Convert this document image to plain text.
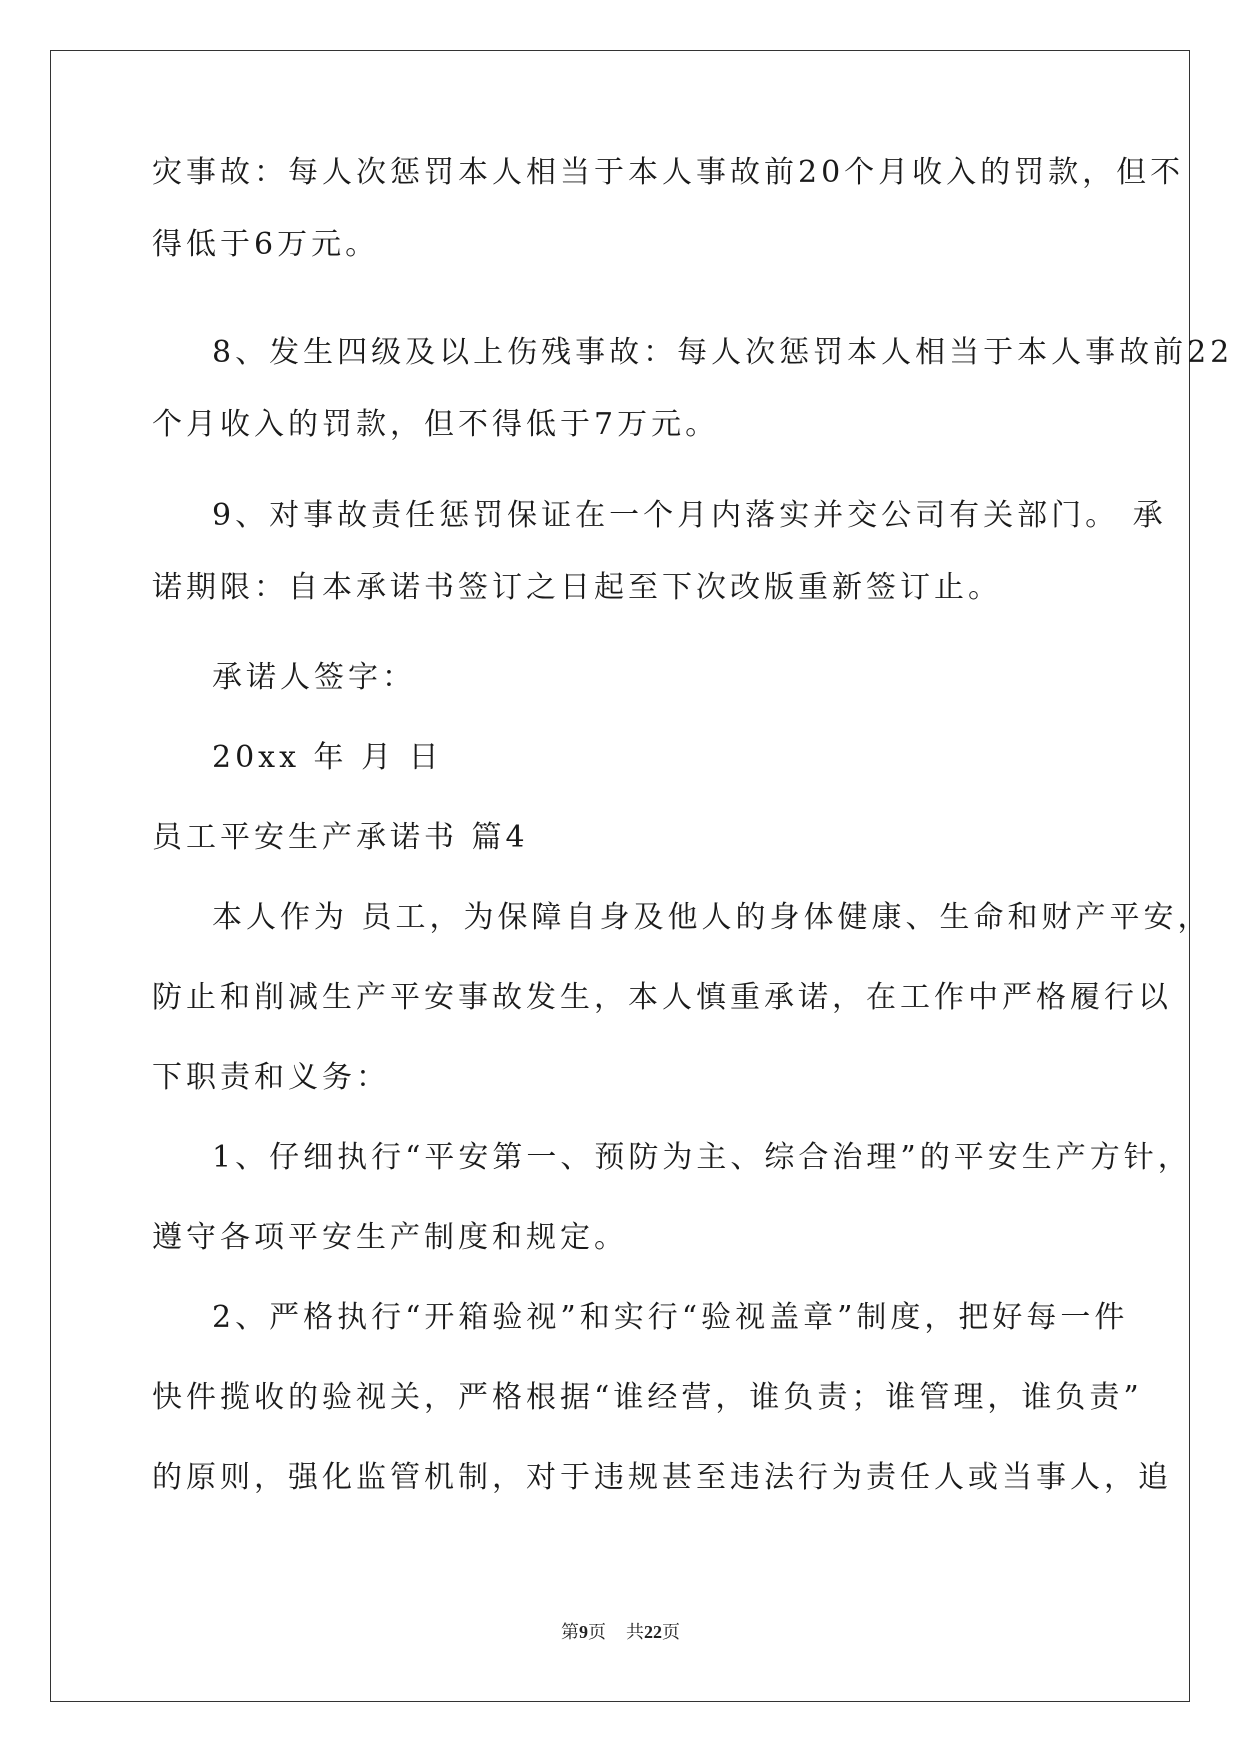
灾事故：每人次惩罚本人相当于本人事故前20个月收入的罚款，但不
得低于6万元。
8、发生四级及以上伤残事故：每人次惩罚本人相当于本人事故前22
个月收入的罚款，但不得低于7万元。
9、对事故责任惩罚保证在一个月内落实并交公司有关部门。 承
诺期限：自本承诺书签订之日起至下次改版重新签订止。
承诺人签字：
20xx 年 月 日
员工平安生产承诺书 篇4
本人作为 员工，为保障自身及他人的身体健康、生命和财产平安，
防止和削减生产平安事故发生，本人慎重承诺，在工作中严格履行以
下职责和义务：
1、仔细执行“平安第一、预防为主、综合治理”的平安生产方针，
遵守各项平安生产制度和规定。
2、严格执行“开箱验视”和实行“验视盖章”制度，把好每一件
快件揽收的验视关，严格根据“谁经营，谁负责；谁管理，谁负责”
的原则，强化监管机制，对于违规甚至违法行为责任人或当事人，追
第9页 共22页
